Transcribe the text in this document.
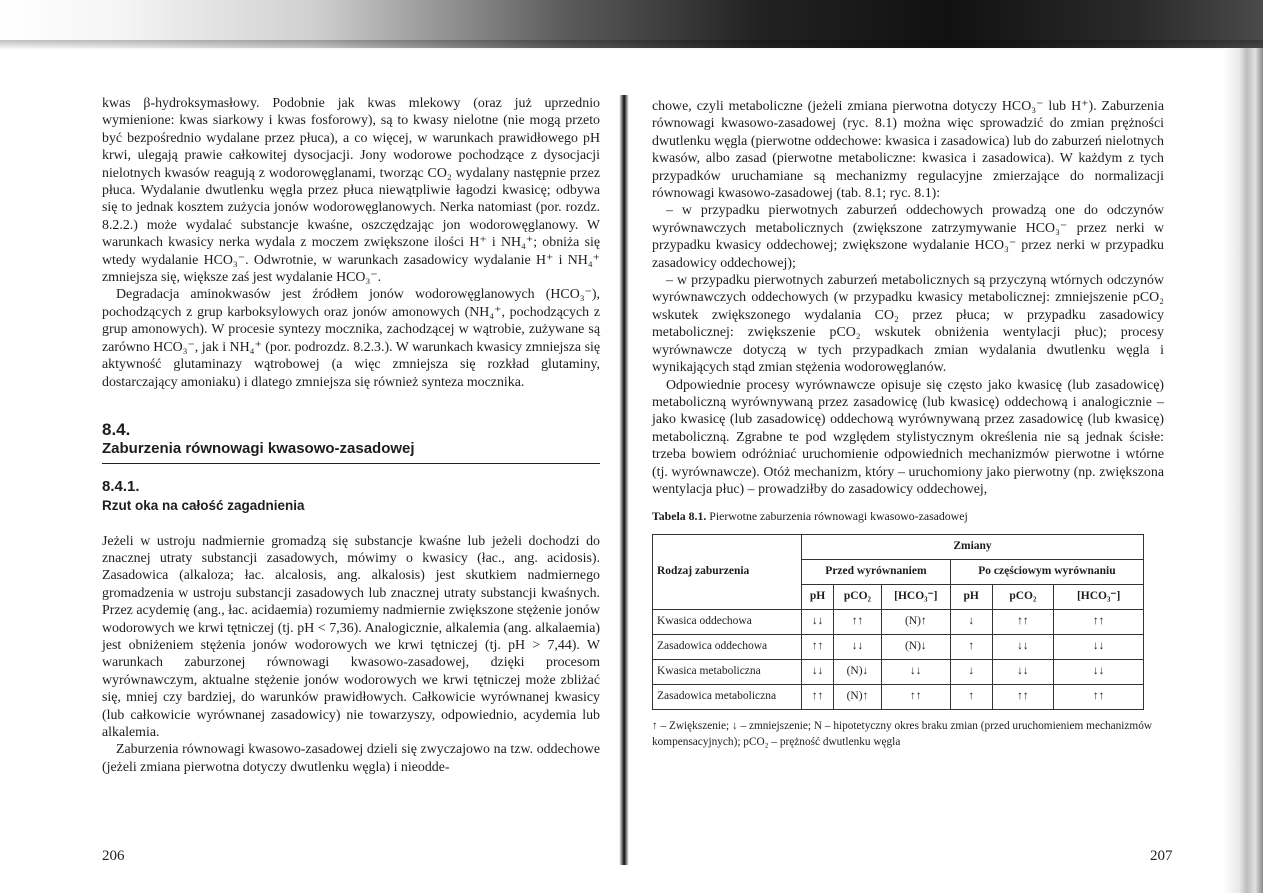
kwas β-hydroksymasłowy. Podobnie jak kwas mlekowy (oraz już uprzednio wymienione: kwas siarkowy i kwas fosforowy), są to kwasy nielotne (nie mogą przeto być bezpośrednio wydalane przez płuca), a co więcej, w warunkach prawidłowego pH krwi, ulegają prawie całkowitej dysocjacji. Jony wodorowe pochodzące z dysocjacji nielotnych kwasów reagują z wodorowęglanami, tworząc CO₂ wydalany następnie przez płuca. Wydalanie dwutlenku węgla przez płuca niewątpliwie łagodzi kwasicę; odbywa się to jednak kosztem zużycia jonów wodorowęglanowych. Nerka natomiast (por. rozdz. 8.2.2.) może wydalać substancje kwaśne, oszczędzając jon wodorowęglanowy. W warunkach kwasicy nerka wydala z moczem zwiększone ilości H⁺ i NH₄⁺; obniża się wtedy wydalanie HCO₃⁻. Odwrotnie, w warunkach zasadowicy wydalanie H⁺ i NH₄⁺ zmniejsza się, większe zaś jest wydalanie HCO₃⁻.

Degradacja aminokwasów jest źródłem jonów wodorowęglanowych (HCO₃⁻), pochodzących z grup karboksylowych oraz jonów amonowych (NH₄⁺, pochodzących z grup amonowych). W procesie syntezy mocznika, zachodzącej w wątrobie, zużywane są zarówno HCO₃⁻, jak i NH₄⁺ (por. podrozdz. 8.2.3.). W warunkach kwasicy zmniejsza się aktywność glutaminazy wątrobowej (a więc zmniejsza się rozkład glutaminy, dostarczający amoniaku) i dlatego zmniejsza się również synteza mocznika.

8.4.
Zaburzenia równowagi kwasowo-zasadowej
8.4.1.
Rzut oka na całość zagadnienia

Jeżeli w ustroju nadmiernie gromadzą się substancje kwaśne lub jeżeli dochodzi do znacznej utraty substancji zasadowych, mówimy o kwasicy (łac., ang. acidosis). Zasadowica (alkaloza; łac. alcalosis, ang. alkalosis) jest skutkiem nadmiernego gromadzenia w ustroju substancji zasadowych lub znacznej utraty substancji kwaśnych. Przez acydemię (ang., łac. acidaemia) rozumiemy nadmiernie zwiększone stężenie jonów wodorowych we krwi tętniczej (tj. pH < 7,36). Analogicznie, alkalemia (ang. alkalaemia) jest obniżeniem stężenia jonów wodorowych we krwi tętniczej (tj. pH > 7,44). W warunkach zaburzonej równowagi kwasowo-zasadowej, dzięki procesom wyrównawczym, aktualne stężenie jonów wodorowych we krwi tętniczej może zbliżać się, mniej czy bardziej, do warunków prawidłowych. Całkowicie wyrównanej kwasicy (lub całkowicie wyrównanej zasadowicy) nie towarzyszy, odpowiednio, acydemia lub alkalemia.

Zaburzenia równowagi kwasowo-zasadowej dzieli się zwyczajowo na tzw. oddechowe (jeżeli zmiana pierwotna dotyczy dwutlenku węgla) i nieodde-

206

chowe, czyli metaboliczne (jeżeli zmiana pierwotna dotyczy HCO₃⁻ lub H⁺). Zaburzenia równowagi kwasowo-zasadowej (ryc. 8.1) można więc sprowadzić do zmian prężności dwutlenku węgla (pierwotne oddechowe: kwasica i zasadowica) lub do zaburzeń nielotnych kwasów, albo zasad (pierwotne metaboliczne: kwasica i zasadowica). W każdym z tych przypadków uruchamiane są mechanizmy regulacyjne zmierzające do normalizacji równowagi kwasowo-zasadowej (tab. 8.1; ryc. 8.1):

– w przypadku pierwotnych zaburzeń oddechowych prowadzą one do odczynów wyrównawczych metabolicznych (zwiększone zatrzymywanie HCO₃⁻ przez nerki w przypadku kwasicy oddechowej; zwiększone wydalanie HCO₃⁻ przez nerki w przypadku zasadowicy oddechowej);

– w przypadku pierwotnych zaburzeń metabolicznych są przyczyną wtórnych odczynów wyrównawczych oddechowych (w przypadku kwasicy metabolicznej: zmniejszenie pCO₂ wskutek zwiększonego wydalania CO₂ przez płuca; w przypadku zasadowicy metabolicznej: zwiększenie pCO₂ wskutek obniżenia wentylacji płuc); procesy wyrównawcze dotyczą w tych przypadkach zmian wydalania dwutlenku węgla i wynikających stąd zmian stężenia wodorowęglanów.

Odpowiednie procesy wyrównawcze opisuje się często jako kwasicę (lub zasadowicę) metaboliczną wyrównywaną przez zasadowicę (lub kwasicę) oddechową i analogicznie – jako kwasicę (lub zasadowicę) oddechową wyrównywaną przez zasadowicę (lub kwasicę) metaboliczną. Zgrabne te pod względem stylistycznym określenia nie są jednak ścisłe: trzeba bowiem odróżniać uruchomienie odpowiednich mechanizmów pierwotne i wtórne (tj. wyrównawcze). Otóż mechanizm, który – uruchomiony jako pierwotny (np. zwiększona wentylacja płuc) – prowadziłby do zasadowicy oddechowej,

Tabela 8.1. Pierwotne zaburzenia równowagi kwasowo-zasadowej
Rodzaj zaburzenia	Zmiany					
	Przed wyrównaniem			Po częściowym wyrównaniu		
	pH	pCO₂	[HCO₃⁻]	pH	pCO₂	[HCO₃⁻]
Kwasica oddechowa	↓↓	↑↑	(N)↑	↓	↑↑	↑↑
Zasadowica oddechowa	↑↑	↓↓	(N)↓	↑	↓↓	↓↓
Kwasica metaboliczna	↓↓	(N)↓	↓↓	↓	↓↓	↓↓
Zasadowica metaboliczna	↑↑	(N)↑	↑↑	↑	↑↑	↑↑
↑ – Zwiększenie; ↓ – zmniejszenie; N – hipotetyczny okres braku zmian (przed uruchomieniem mechanizmów kompensacyjnych); pCO₂ – prężność dwutlenku węgla
207
